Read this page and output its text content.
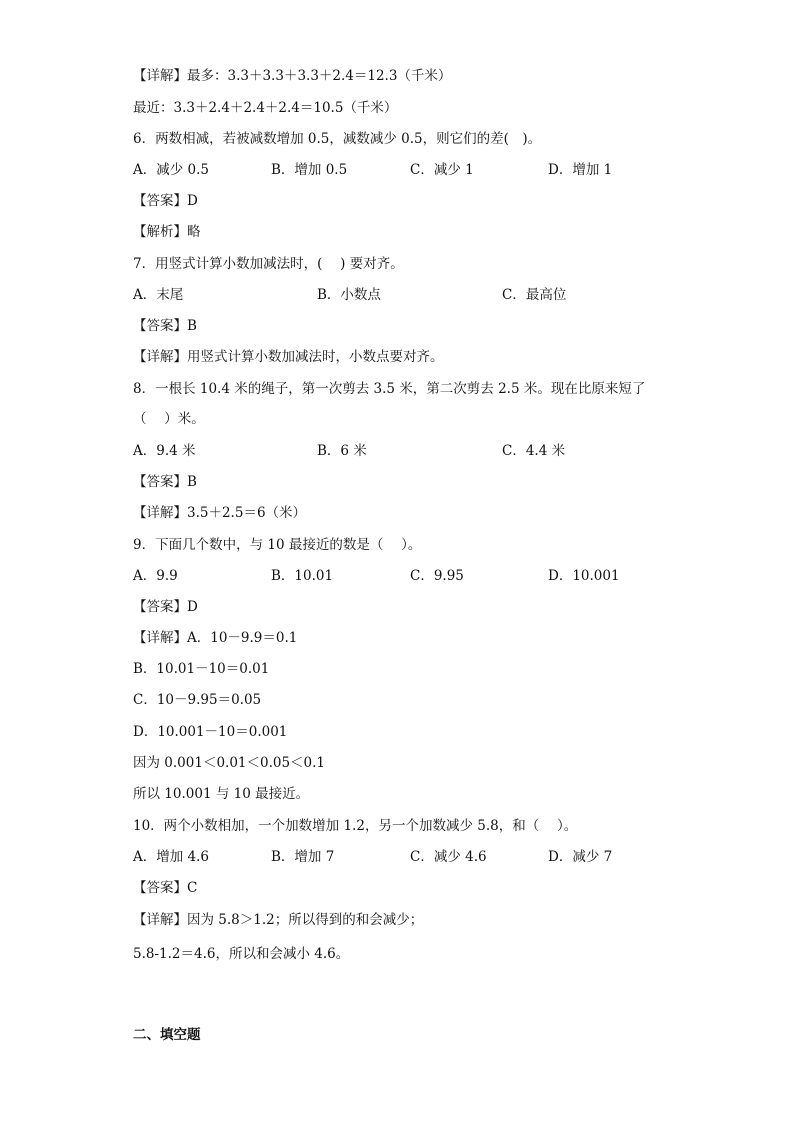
【详解】最多：3.3＋3.3＋3.3＋2.4＝12.3（千米）
最近：3.3＋2.4＋2.4＋2.4＝10.5（千米）
6．两数相减，若被减数增加 0.5，减数减少 0.5，则它们的差(　)。
A．减少 0.5	B．增加 0.5	C．减少 1	D．增加 1
【答案】D
【解析】略
7．用竖式计算小数加减法时，(　 ) 要对齐。
A．末尾	B．小数点	C．最高位
【答案】B
【详解】用竖式计算小数加减法时，小数点要对齐。
8．一根长 10.4 米的绳子，第一次剪去 3.5 米，第二次剪去 2.5 米。现在比原来短了
（　 ）米。
A．9.4 米	B．6 米	C．4.4 米
【答案】B
【详解】3.5＋2.5＝6（米）
9．下面几个数中，与 10 最接近的数是（　 ）。
A．9.9	B．10.01	C．9.95	D．10.001
【答案】D
【详解】A．10－9.9＝0.1
B．10.01－10＝0.01
C．10－9.95＝0.05
D．10.001－10＝0.001
因为 0.001＜0.01＜0.05＜0.1
所以 10.001 与 10 最接近。
10．两个小数相加，一个加数增加 1.2，另一个加数减少 5.8，和（　 ）。
A．增加 4.6	B．增加 7	C．减少 4.6	D．减少 7
【答案】C
【详解】因为 5.8＞1.2；所以得到的和会减少；
5.8-1.2＝4.6，所以和会减小 4.6。
二、填空题
